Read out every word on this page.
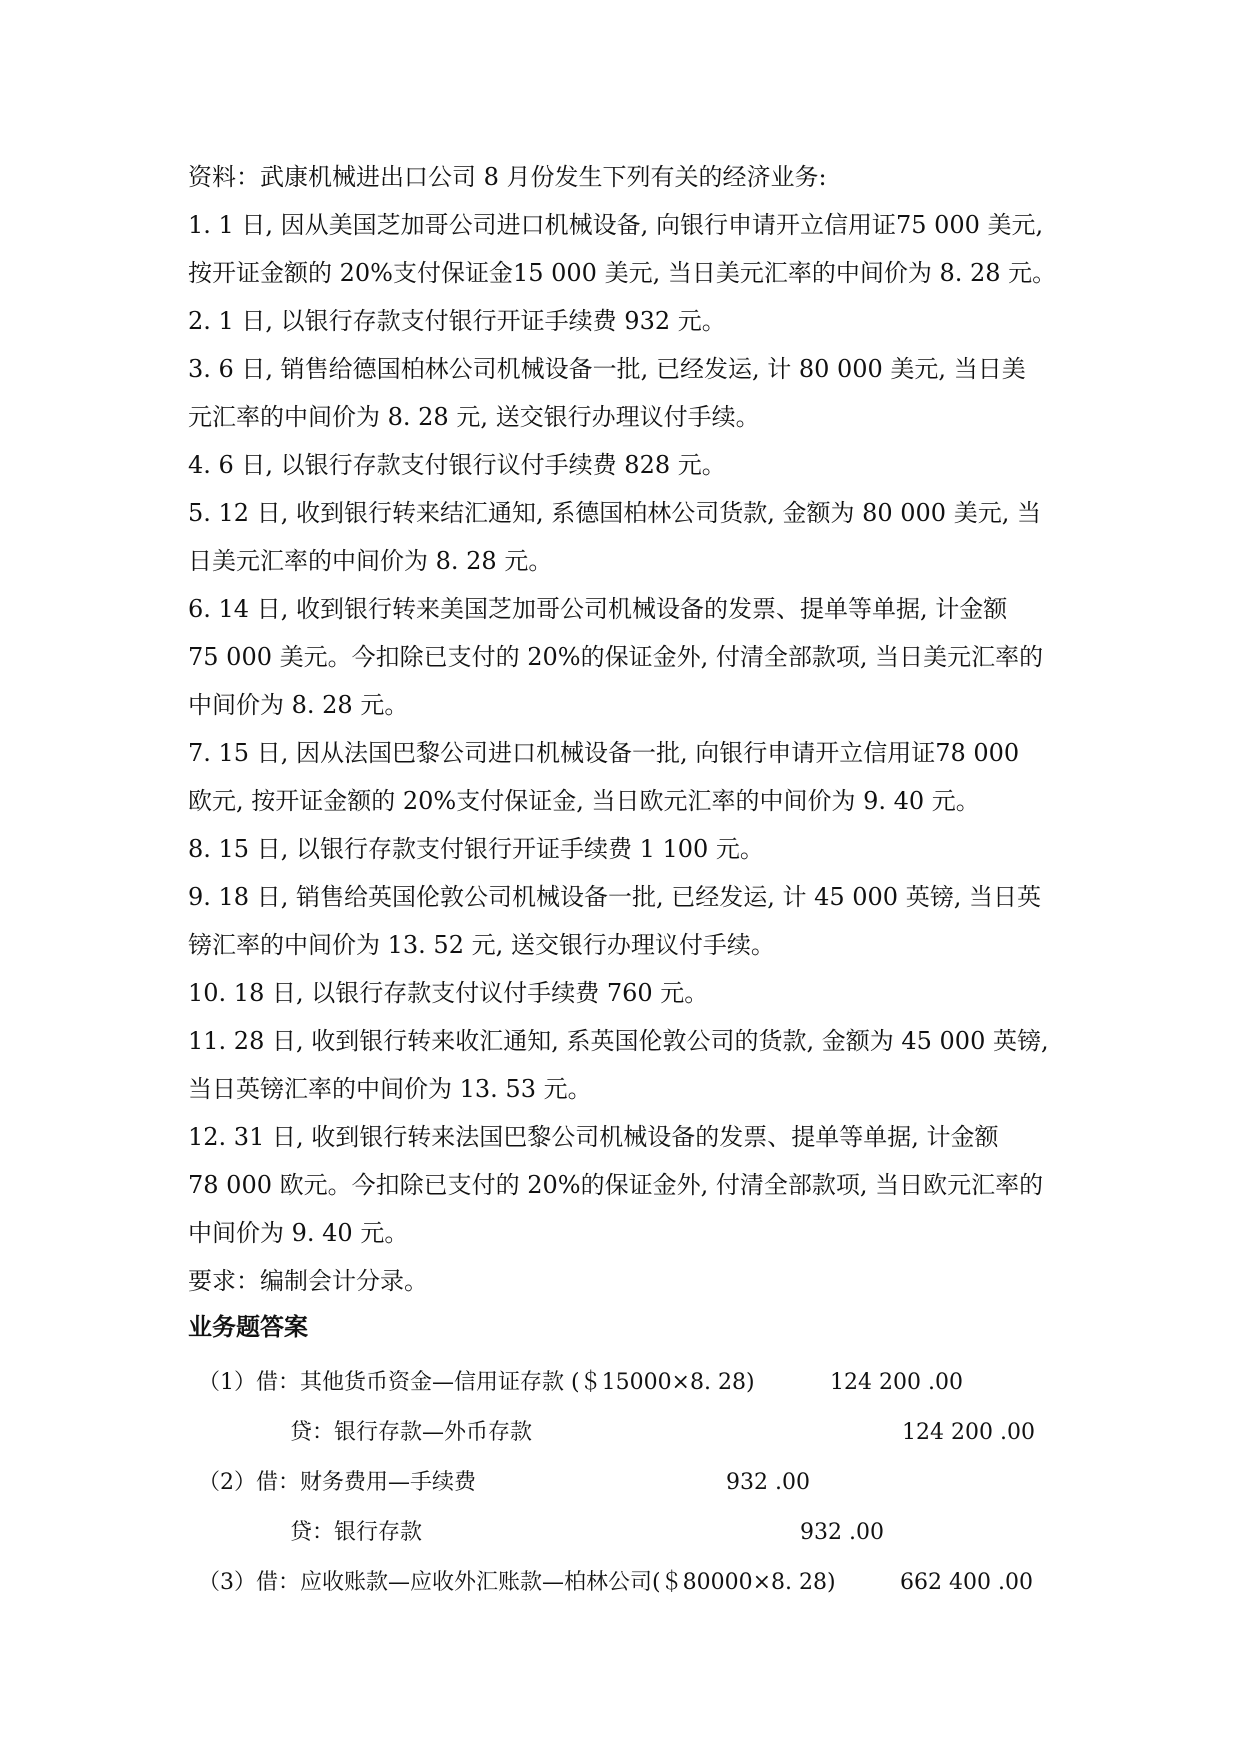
资料：武康机械进出口公司 8 月份发生下列有关的经济业务:
1. 1 日, 因从美国芝加哥公司进口机械设备, 向银行申请开立信用证75 000 美元,
按开证金额的 20%支付保证金15 000 美元, 当日美元汇率的中间价为 8. 28 元。
2. 1 日, 以银行存款支付银行开证手续费 932 元。
3. 6 日, 销售给德国柏林公司机械设备一批, 已经发运, 计 80 000 美元, 当日美
元汇率的中间价为 8. 28 元, 送交银行办理议付手续。
4. 6 日, 以银行存款支付银行议付手续费 828 元。
5. 12 日, 收到银行转来结汇通知, 系德国柏林公司货款, 金额为 80 000 美元, 当
日美元汇率的中间价为 8. 28 元。
6. 14 日, 收到银行转来美国芝加哥公司机械设备的发票、提单等单据, 计金额
75 000 美元。今扣除已支付的 20%的保证金外, 付清全部款项, 当日美元汇率的
中间价为 8. 28 元。
7. 15 日, 因从法国巴黎公司进口机械设备一批, 向银行申请开立信用证78 000
欧元, 按开证金额的 20%支付保证金, 当日欧元汇率的中间价为 9. 40 元。
8. 15 日, 以银行存款支付银行开证手续费 1 100 元。
9. 18 日, 销售给英国伦敦公司机械设备一批, 已经发运, 计 45 000 英镑, 当日英
镑汇率的中间价为 13. 52 元, 送交银行办理议付手续。
10. 18 日, 以银行存款支付议付手续费 760 元。
11. 28 日, 收到银行转来收汇通知, 系英国伦敦公司的货款, 金额为 45 000 英镑,
当日英镑汇率的中间价为 13. 53 元。
12. 31 日, 收到银行转来法国巴黎公司机械设备的发票、提单等单据, 计金额
78 000 欧元。今扣除已支付的 20%的保证金外, 付清全部款项, 当日欧元汇率的
中间价为 9. 40 元。
要求：编制会计分录。
业务题答案
（1）借：其他货币资金—信用证存款 (＄15000×8. 28)	124 200 .00
贷：银行存款—外币存款	124 200 .00
（2）借：财务费用—手续费	932 .00
贷：银行存款	932 .00
（3）借：应收账款—应收外汇账款—柏林公司(＄80000×8. 28)	662 400 .00
